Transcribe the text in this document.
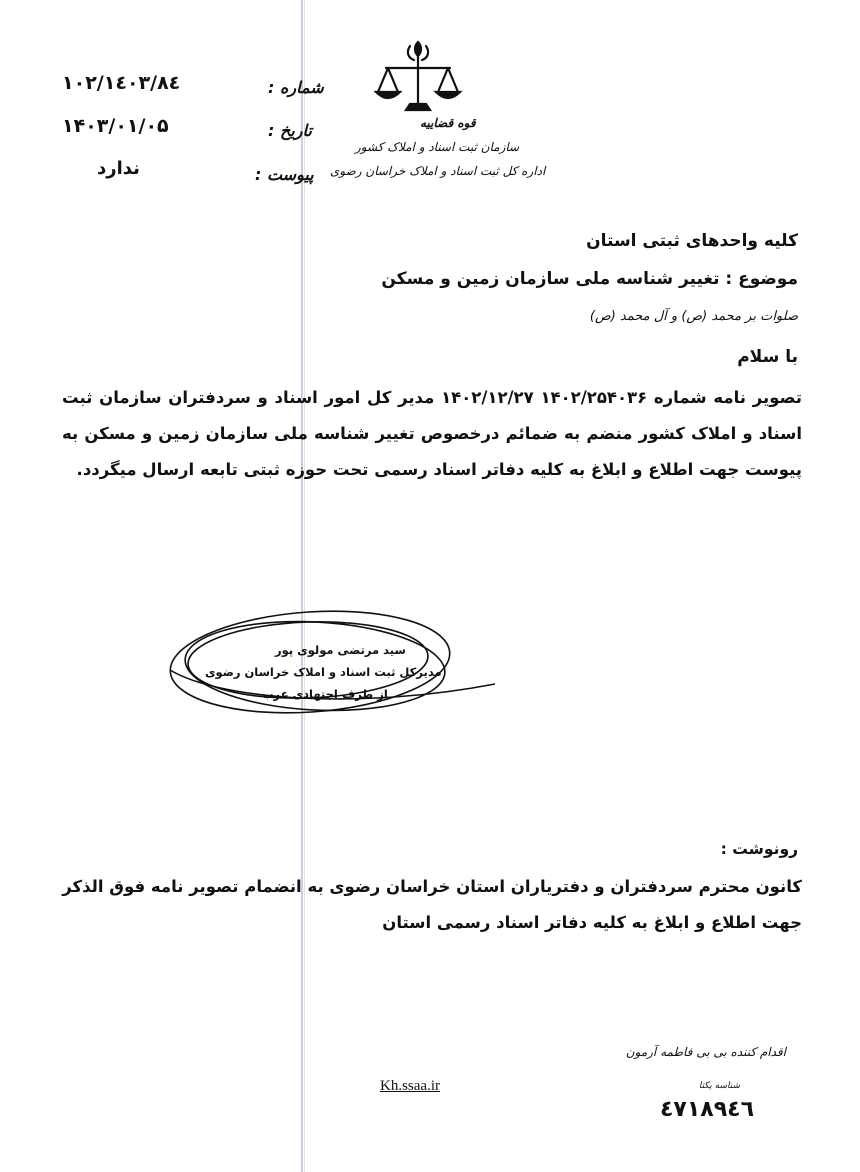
۱۰۲/۱٤۰۳/۸٤	شماره :
۱۴۰۳/۰۱/۰۵	تاریخ :
ندارد	پیوست :
قوه قضاییه
سازمان ثبت اسناد و املاک کشور
اداره کل ثبت اسناد و املاک خراسان رضوی
کلیه واحدهای ثبتی استان
موضوع : تغییر شناسه ملی سازمان زمین و مسکن
صلوات بر محمد (ص) و آل محمد (ص)
با سلام
تصویر نامه شماره ۱۴۰۲/۲۵۴۰۳۶ ۱۴۰۲/۱۲/۲۷ مدیر کل امور اسناد و سردفتران سازمان ثبت اسناد و املاک کشور منضم به ضمائم درخصوص تغییر شناسه ملی سازمان زمین و مسکن به پیوست جهت اطلاع و ابلاغ به کلیه دفاتر اسناد رسمی تحت حوزه ثبتی تابعه ارسال میگردد.
سید مرتضی مولوی پور
مدیرکل ثبت اسناد و املاک خراسان رضوی
از طرف اجتهادی عرب
رونوشت :
کانون محترم سردفتران و دفتریاران استان خراسان رضوی به انضمام تصویر نامه فوق الذکر
جهت اطلاع و ابلاغ به کلیه دفاتر اسناد رسمی استان
اقدام کننده بی بی فاطمه آرمون
Kh.ssaa.ir	شناسه یکتا
٤٧١٨٩٤٦
